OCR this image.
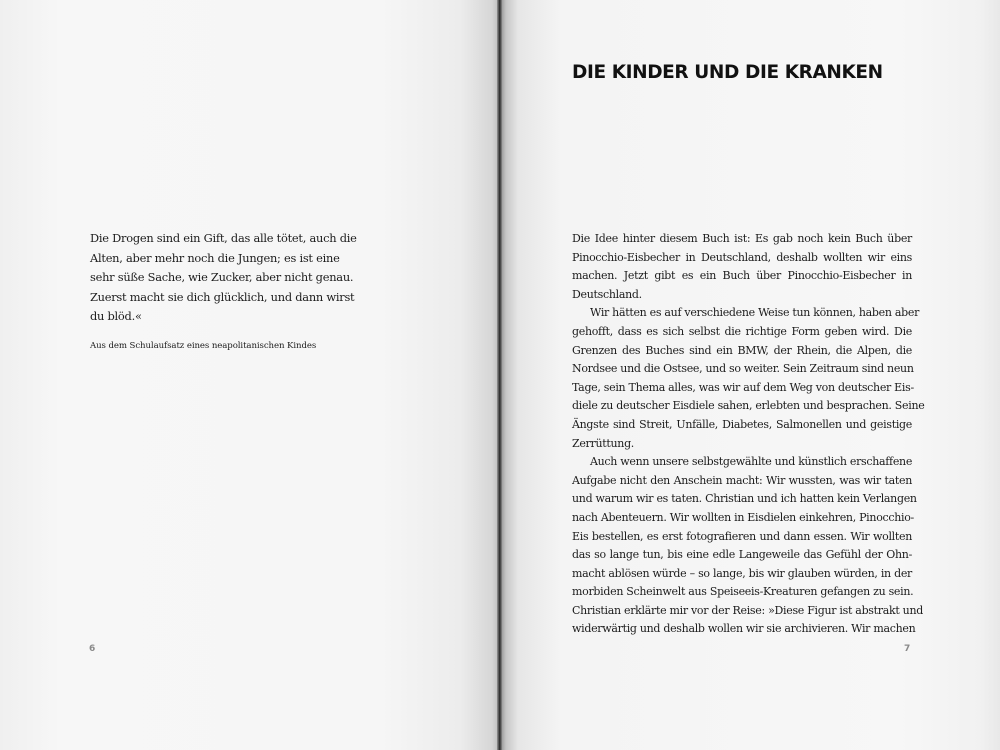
Die Drogen sind ein Gift, das alle tötet, auch die
Alten, aber mehr noch die Jungen; es ist eine
sehr süße Sache, wie Zucker, aber nicht genau.
Zuerst macht sie dich glücklich, und dann wirst
du blöd.«
Aus dem Schulaufsatz eines neapolitanischen Kindes
6
DIE KINDER UND DIE KRANKEN
Die Idee hinter diesem Buch ist: Es gab noch kein Buch über
Pinocchio-Eisbecher in Deutschland, deshalb wollten wir eins
machen. Jetzt gibt es ein Buch über Pinocchio-Eisbecher in
Deutschland.
Wir hätten es auf verschiedene Weise tun können, haben aber
gehofft, dass es sich selbst die richtige Form geben wird. Die
Grenzen des Buches sind ein BMW, der Rhein, die Alpen, die
Nordsee und die Ostsee, und so weiter. Sein Zeitraum sind neun
Tage, sein Thema alles, was wir auf dem Weg von deutscher Eis-
diele zu deutscher Eisdiele sahen, erlebten und besprachen. Seine
Ängste sind Streit, Unfälle, Diabetes, Salmonellen und geistige
Zerrüttung.
Auch wenn unsere selbstgewählte und künstlich erschaffene
Aufgabe nicht den Anschein macht: Wir wussten, was wir taten
und warum wir es taten. Christian und ich hatten kein Verlangen
nach Abenteuern. Wir wollten in Eisdielen einkehren, Pinocchio-
Eis bestellen, es erst fotografieren und dann essen. Wir wollten
das so lange tun, bis eine edle Langeweile das Gefühl der Ohn-
macht ablösen würde – so lange, bis wir glauben würden, in der
morbiden Scheinwelt aus Speiseeis-Kreaturen gefangen zu sein.
Christian erklärte mir vor der Reise: »Diese Figur ist abstrakt und
widerwärtig und deshalb wollen wir sie archivieren. Wir machen
7
